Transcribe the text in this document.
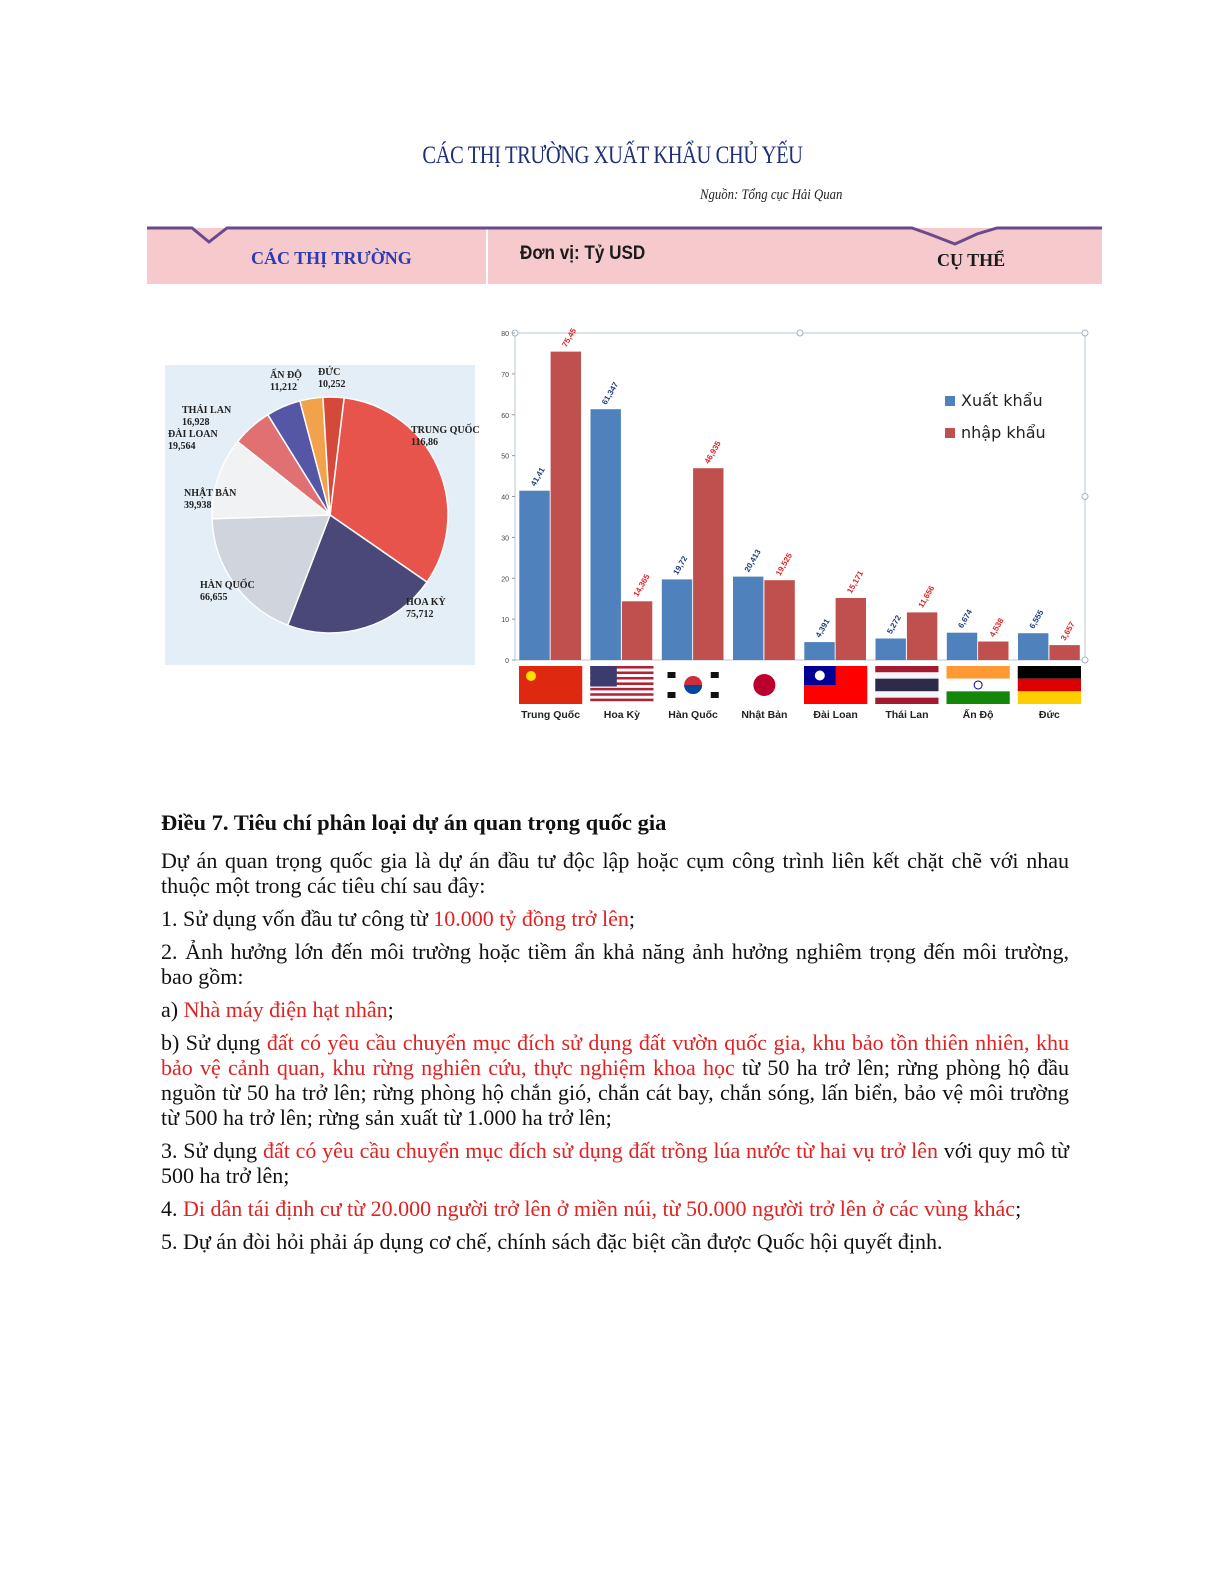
CÁC THỊ TRƯỜNG XUẤT KHẨU CHỦ YẾU
Nguồn: Tổng cục Hải Quan
CÁC THỊ TRƯỜNG	Đơn vị: Tỷ USD	CỤ THỂ
TRUNG QUỐC
116,86
HOA KỲ
75,712
HÀN QUỐC
66,655
NHẬT BẢN
39,938
ĐÀI LOAN
19,564
THÁI LAN
16,928
ẤN ĐỘ
11,212
ĐỨC
10,252
0
10
20
30
40
50
60
70
80
41,41
75,45
61,347
14,365
19,72
46,935
20,413 19,525
4,391
15,171
5,272
11,656
6,674 4,538	6,555
3,657
Trung Quốc Hoa Kỳ	Hàn Quốc Nhật Bản Đài Loan	Thái Lan	Ấn Độ	Đức
Xuất khẩu
nhập khẩu
Điều 7. Tiêu chí phân loại dự án quan trọng quốc gia

Dự án quan trọng quốc gia là dự án đầu tư độc lập hoặc cụm công trình liên kết chặt chẽ với nhau thuộc một trong các tiêu chí sau đây:

1. Sử dụng vốn đầu tư công từ 10.000 tỷ đồng trở lên;

2. Ảnh hưởng lớn đến môi trường hoặc tiềm ẩn khả năng ảnh hưởng nghiêm trọng đến môi trường, bao gồm:

a) Nhà máy điện hạt nhân;

b) Sử dụng đất có yêu cầu chuyển mục đích sử dụng đất vườn quốc gia, khu bảo tồn thiên nhiên, khu bảo vệ cảnh quan, khu rừng nghiên cứu, thực nghiệm khoa học từ 50 ha trở lên; rừng phòng hộ đầu nguồn từ 50 ha trở lên; rừng phòng hộ chắn gió, chắn cát bay, chắn sóng, lấn biển, bảo vệ môi trường từ 500 ha trở lên; rừng sản xuất từ 1.000 ha trở lên;

3. Sử dụng đất có yêu cầu chuyển mục đích sử dụng đất trồng lúa nước từ hai vụ trở lên với quy mô từ 500 ha trở lên;

4. Di dân tái định cư từ 20.000 người trở lên ở miền núi, từ 50.000 người trở lên ở các vùng khác;

5. Dự án đòi hỏi phải áp dụng cơ chế, chính sách đặc biệt cần được Quốc hội quyết định.
